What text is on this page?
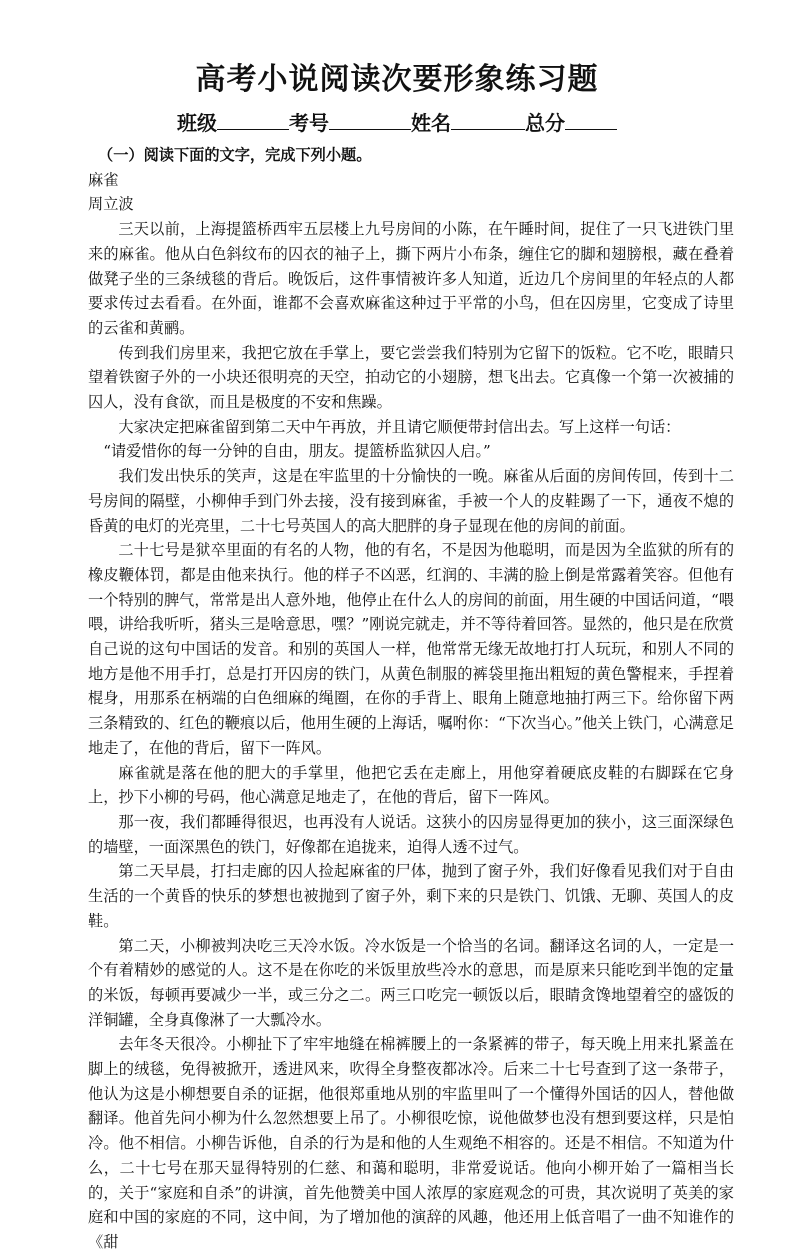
高考小说阅读次要形象练习题
班级	考号	姓名	总分

（一）阅读下面的文字，完成下列小题。

麻雀

周立波

三天以前，上海提篮桥西牢五层楼上九号房间的小陈，在午睡时间，捉住了一只飞进铁门里来的麻雀。他从白色斜纹布的囚衣的袖子上，撕下两片小布条，缠住它的脚和翅膀根，藏在叠着做凳子坐的三条绒毯的背后。晚饭后，这件事情被许多人知道，近边几个房间里的年轻点的人都要求传过去看看。在外面，谁都不会喜欢麻雀这种过于平常的小鸟，但在囚房里，它变成了诗里的云雀和黄鹂。

传到我们房里来，我把它放在手掌上，要它尝尝我们特别为它留下的饭粒。它不吃，眼睛只望着铁窗子外的一小块还很明亮的天空，拍动它的小翅膀，想飞出去。它真像一个第一次被捕的囚人，没有食欲，而且是极度的不安和焦躁。

大家决定把麻雀留到第二天中午再放，并且请它顺便带封信出去。写上这样一句话：

“请爱惜你的每一分钟的自由，朋友。提篮桥监狱囚人启。”

我们发出快乐的笑声，这是在牢监里的十分愉快的一晚。麻雀从后面的房间传回，传到十二号房间的隔壁，小柳伸手到门外去接，没有接到麻雀，手被一个人的皮鞋踢了一下，通夜不熄的昏黄的电灯的光亮里，二十七号英国人的高大肥胖的身子显现在他的房间的前面。

二十七号是狱卒里面的有名的人物，他的有名，不是因为他聪明，而是因为全监狱的所有的橡皮鞭体罚，都是由他来执行。他的样子不凶恶，红润的、丰满的脸上倒是常露着笑容。但他有一个特别的脾气，常常是出人意外地，他停止在什么人的房间的前面，用生硬的中国话问道，“喂喂，讲给我听听，猪头三是啥意思，嘿？”刚说完就走，并不等待着回答。显然的，他只是在欣赏自己说的这句中国话的发音。和别的英国人一样，他常常无缘无故地打打人玩玩，和别人不同的地方是他不用手打，总是打开囚房的铁门，从黄色制服的裤袋里拖出粗短的黄色警棍来，手捏着棍身，用那系在柄端的白色细麻的绳圈，在你的手背上、眼角上随意地抽打两三下。给你留下两三条精致的、红色的鞭痕以后，他用生硬的上海话，嘱咐你：“下次当心。”他关上铁门，心满意足地走了，在他的背后，留下一阵风。

麻雀就是落在他的肥大的手掌里，他把它丢在走廊上，用他穿着硬底皮鞋的右脚踩在它身上，抄下小柳的号码，他心满意足地走了，在他的背后，留下一阵风。

那一夜，我们都睡得很迟，也再没有人说话。这狭小的囚房显得更加的狭小，这三面深绿色的墙壁，一面深黑色的铁门，好像都在追拢来，迫得人透不过气。

第二天早晨，打扫走廊的囚人捡起麻雀的尸体，抛到了窗子外，我们好像看见我们对于自由生活的一个黄昏的快乐的梦想也被抛到了窗子外，剩下来的只是铁门、饥饿、无聊、英国人的皮鞋。

第二天，小柳被判决吃三天冷水饭。冷水饭是一个恰当的名词。翻译这名词的人，一定是一个有着精妙的感觉的人。这不是在你吃的米饭里放些冷水的意思，而是原来只能吃到半饱的定量的米饭，每顿再要减少一半，或三分之二。两三口吃完一顿饭以后，眼睛贪馋地望着空的盛饭的洋铜罐，全身真像淋了一大瓢冷水。

去年冬天很冷。小柳扯下了牢牢地缝在棉裤腰上的一条紧裤的带子，每天晚上用来扎紧盖在脚上的绒毯，免得被掀开，透进风来，吹得全身整夜都冰冷。后来二十七号查到了这一条带子，他认为这是小柳想要自杀的证据，他很郑重地从别的牢监里叫了一个懂得外国话的囚人，替他做翻译。他首先问小柳为什么忽然想要上吊了。小柳很吃惊，说他做梦也没有想到要这样，只是怕冷。他不相信。小柳告诉他，自杀的行为是和他的人生观绝不相容的。还是不相信。不知道为什么，二十七号在那天显得特别的仁慈、和蔼和聪明，非常爱说话。他向小柳开始了一篇相当长的，关于“家庭和自杀”的讲演，首先他赞美中国人浓厚的家庭观念的可贵，其次说明了英美的家庭和中国的家庭的不同，这中间，为了增加他的演辞的风趣，他还用上低音唱了一曲不知谁作的《甜
